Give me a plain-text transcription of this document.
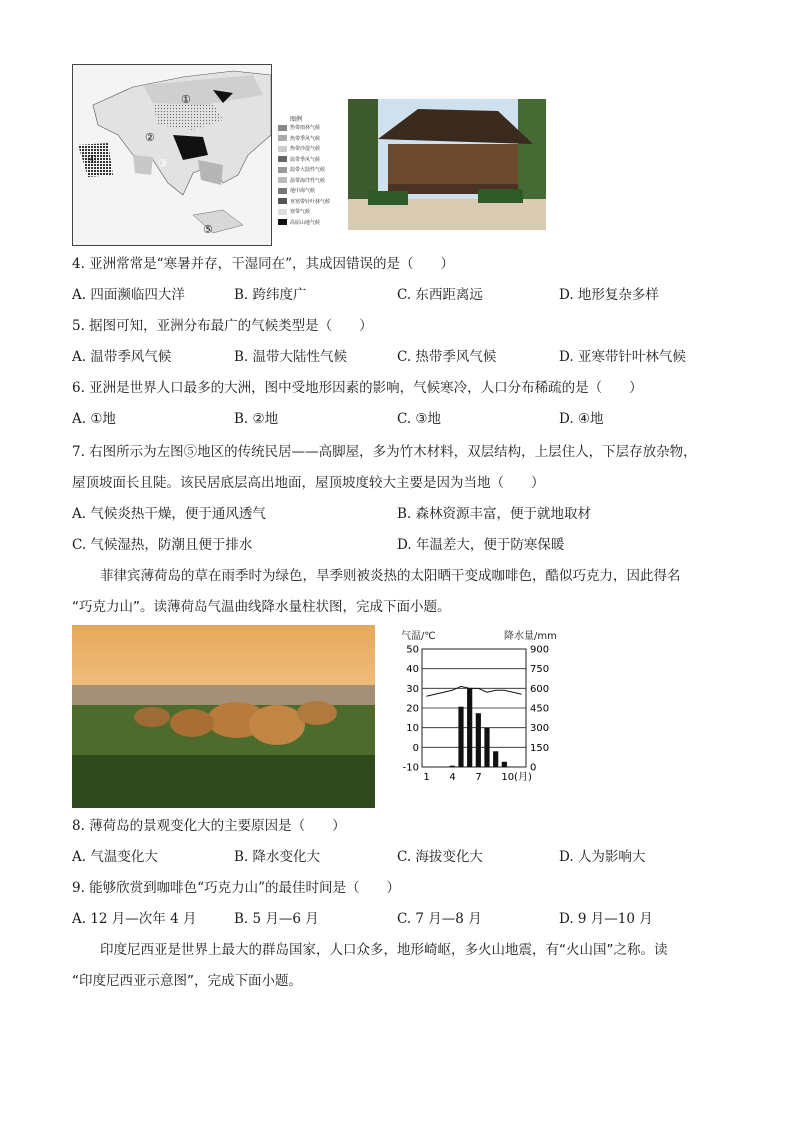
①
②
③
④
⑤
图例
热带雨林气候
热带季风气候
热带沙漠气候
温带季风气候
温带大陆性气候
温带海洋性气候
地中海气候
亚寒带针叶林气候
寒带气候
高原山地气候
4. 亚洲常常是“寒暑并存，干湿同在”，其成因错误的是（　　）
A. 四面濒临四大洋	B. 跨纬度广	C. 东西距离远	D. 地形复杂多样
5. 据图可知，亚洲分布最广的气候类型是（　　）
A. 温带季风气候	B. 温带大陆性气候	C. 热带季风气候	D. 亚寒带针叶林气候
6. 亚洲是世界人口最多的大洲，图中受地形因素的影响，气候寒冷，人口分布稀疏的是（　　）
A. ①地	B. ②地	C. ③地	D. ④地
7. 右图所示为左图⑤地区的传统民居——高脚屋，多为竹木材料，双层结构，上层住人，下层存放杂物，
屋顶坡面长且陡。该民居底层高出地面，屋顶坡度较大主要是因为当地（　　）
A. 气候炎热干燥，便于通风透气	B. 森林资源丰富，便于就地取材
C. 气候湿热，防潮且便于排水	D. 年温差大，便于防寒保暖
菲律宾薄荷岛的草在雨季时为绿色，旱季则被炎热的太阳晒干变成咖啡色，酷似巧克力，因此得名
“巧克力山”。读薄荷岛气温曲线降水量柱状图，完成下面小题。
气温/℃	降水量/mm
50
40
30
20
10
0
-10
900
750
600
450
300
150
0
1 4 7 10(月)
8. 薄荷岛的景观变化大的主要原因是（　　）
A. 气温变化大	B. 降水变化大	C. 海拔变化大	D. 人为影响大
9. 能够欣赏到咖啡色“巧克力山”的最佳时间是（　　）
A. 12 月—次年 4 月	B. 5 月—6 月	C. 7 月—8 月	D. 9 月—10 月
印度尼西亚是世界上最大的群岛国家，人口众多，地形崎岖，多火山地震，有“火山国”之称。读
“印度尼西亚示意图”，完成下面小题。
